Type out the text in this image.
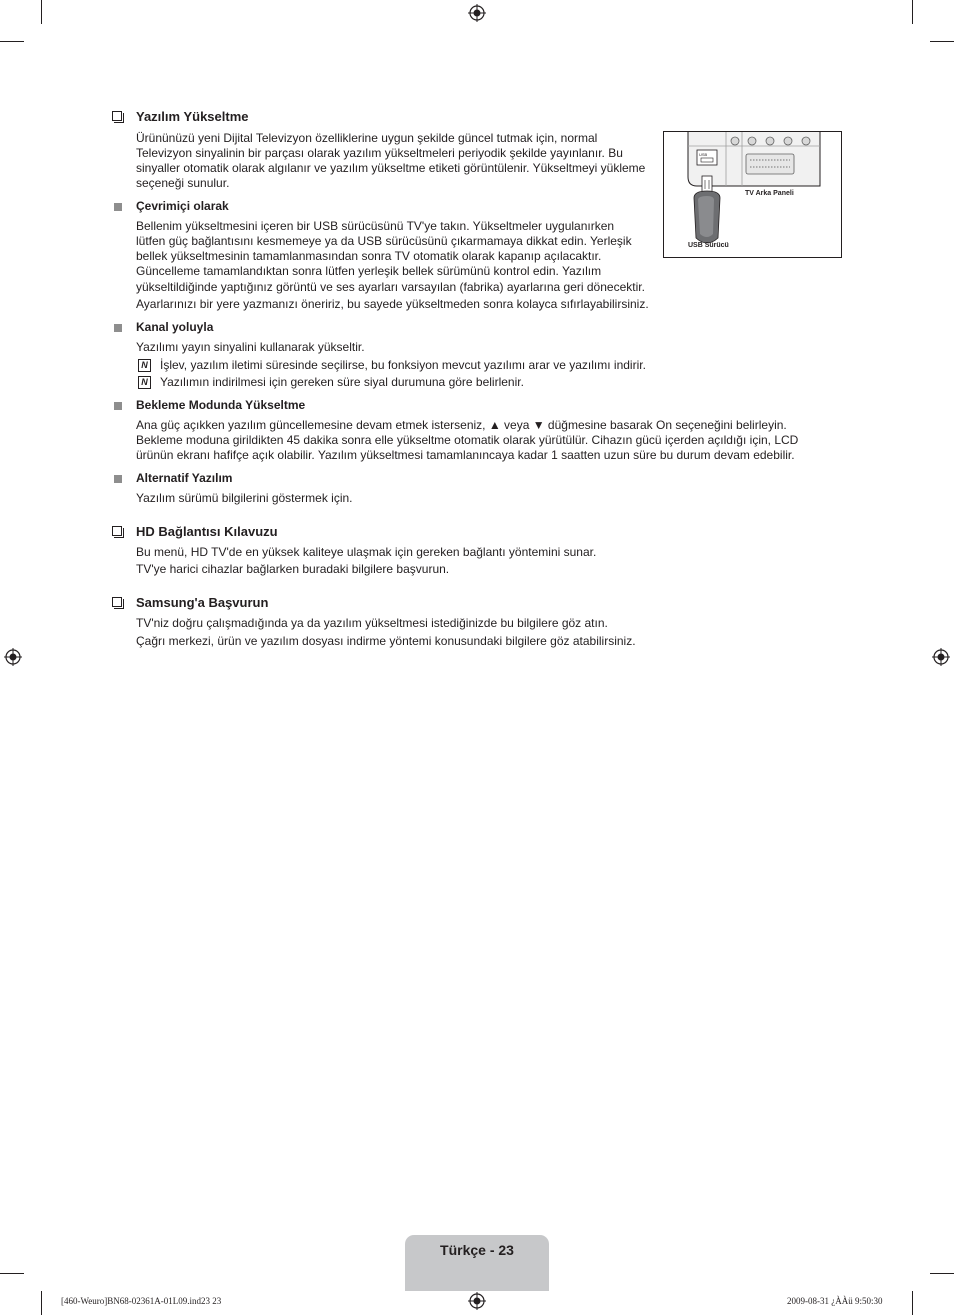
Yazılım Yükseltme
Ürününüzü yeni Dijital Televizyon özelliklerine uygun şekilde güncel tutmak için, normal
Televizyon sinyalinin bir parçası olarak yazılım yükseltmeleri periyodik şekilde yayınlanır. Bu
sinyaller otomatik olarak algılanır ve yazılım yükseltme etiketi görüntülenir. Yükseltmeyi yükleme
seçeneği sunulur.
Çevrimiçi olarak
Bellenim yükseltmesini içeren bir USB sürücüsünü TV'ye takın. Yükseltmeler uygulanırken
lütfen güç bağlantısını kesmemeye ya da USB sürücüsünü çıkarmamaya dikkat edin. Yerleşik
bellek yükseltmesinin tamamlanmasından sonra TV otomatik olarak kapanıp açılacaktır.
Güncelleme tamamlandıktan sonra lütfen yerleşik bellek sürümünü kontrol edin. Yazılım
yükseltildiğinde yaptığınız görüntü ve ses ayarları varsayılan (fabrika) ayarlarına geri dönecektir.
Ayarlarınızı bir yere yazmanızı öneririz, bu sayede yükseltmeden sonra kolayca sıfırlayabilirsiniz.
Kanal yoluyla
Yazılımı yayın sinyalini kullanarak yükseltir.
N İşlev, yazılım iletimi süresinde seçilirse, bu fonksiyon mevcut yazılımı arar ve yazılımı indirir.
N Yazılımın indirilmesi için gereken süre siyal durumuna göre belirlenir.
Bekleme Modunda Yükseltme
Ana güç açıkken yazılım güncellemesine devam etmek isterseniz, ▲ veya ▼ düğmesine basarak On seçeneğini belirleyin.
Bekleme moduna girildikten 45 dakika sonra elle yükseltme otomatik olarak yürütülür. Cihazın gücü içerden açıldığı için, LCD
ürünün ekranı hafifçe açık olabilir. Yazılım yükseltmesi tamamlanıncaya kadar 1 saatten uzun süre bu durum devam edebilir.
Alternatif Yazılım
Yazılım sürümü bilgilerini göstermek için.
HD Bağlantısı Kılavuzu
Bu menü, HD TV'de en yüksek kaliteye ulaşmak için gereken bağlantı yöntemini sunar.
TV'ye harici cihazlar bağlarken buradaki bilgilere başvurun.
Samsung'a Başvurun
TV'niz doğru çalışmadığında ya da yazılım yükseltmesi istediğinizde bu bilgilere göz atın.
Çağrı merkezi, ürün ve yazılım dosyası indirme yöntemi konusundaki bilgilere göz atabilirsiniz.
USB
TV Arka Paneli
USB Sürücü
Türkçe - 23
[460-Weuro]BN68-02361A-01L09.ind23 23	2009-08-31 ¿ÀÀü 9:50:30
